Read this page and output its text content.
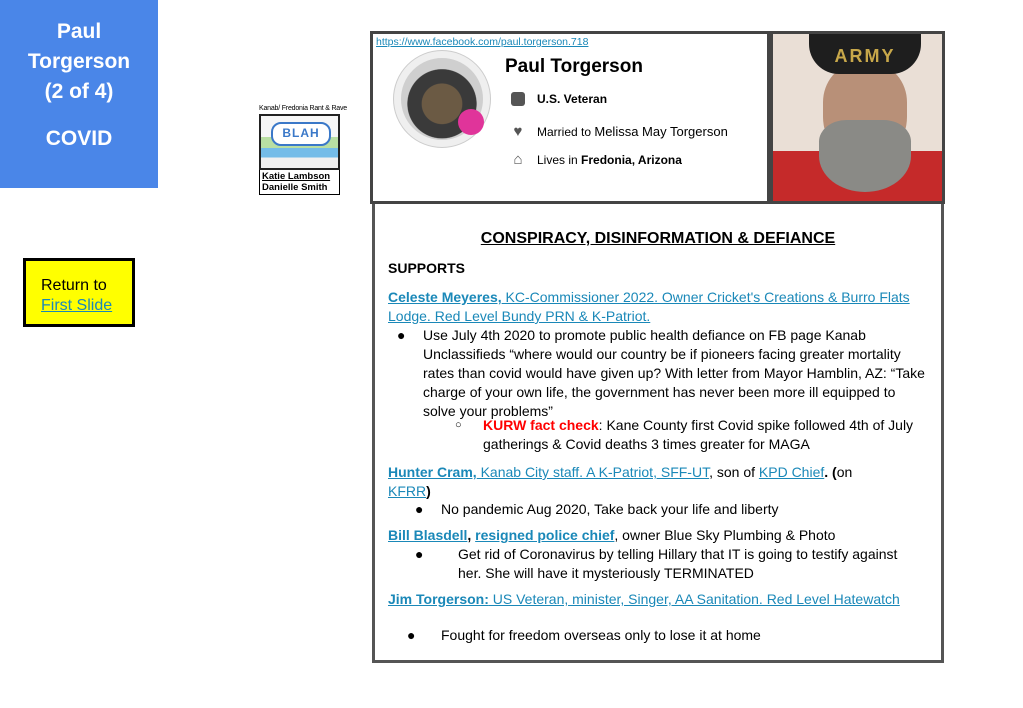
Paul
Torgerson
(2 of 4)
COVID
Return to
First Slide
Kanab/ Fredonia Rant & Rave
BLAH
Katie Lambson
Danielle Smith
https://www.facebook.com/paul.torgerson.718
Paul Torgerson
U.S. Veteran
♥ Married to
Melissa May Torgerson
⌂ Lives in
Fredonia, Arizona
ARMY
CONSPIRACY, DISINFORMATION & DEFIANCE
SUPPORTS
Celeste Meyeres, KC-Commissioner 2022. Owner Cricket's Creations & Burro Flats Lodge. Red Level Bundy PRN & K-Patriot.
● Use July 4th 2020 to promote public health defiance on FB page Kanab Unclassifieds “where would our country be if pioneers facing greater mortality rates than covid would have given up? With letter from Mayor Hamblin, AZ: “Take charge of your own life, the government has never been more ill equipped to solve your problems”
○ KURW fact check: Kane County first Covid spike followed 4th of July gatherings & Covid deaths 3 times greater for MAGA
Hunter Cram, Kanab City staff. A K-Patriot, SFF-UT, son of KPD Chief. (on
KFRR)
● No pandemic Aug 2020, Take back your life and liberty
Bill Blasdell, resigned police chief, owner Blue Sky Plumbing & Photo
● Get rid of Coronavirus by telling Hillary that IT is going to testify against her. She will have it mysteriously TERMINATED
Jim Torgerson: US Veteran, minister, Singer, AA Sanitation. Red Level Hatewatch
● Fought for freedom overseas only to lose it at home
